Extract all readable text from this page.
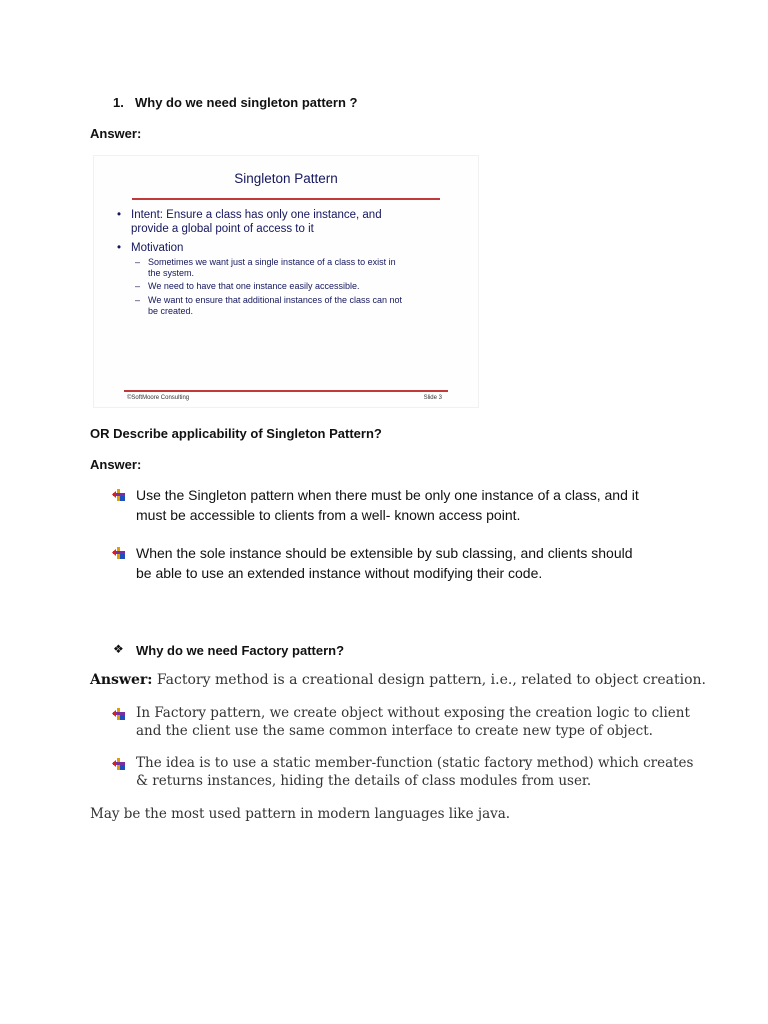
1. Why do we need singleton pattern ?
Answer:
Singleton Pattern
• Intent: Ensure a class has only one instance, and
provide a global point of access to it
• Motivation
– Sometimes we want just a single instance of a class to exist in
the system.
– We need to have that one instance easily accessible.
– We want to ensure that additional instances of the class can not
be created.
©SoftMoore Consulting	Slide 3
OR Describe applicability of Singleton Pattern?
Answer:
Use the Singleton pattern when there must be only one instance of a class, and it
must be accessible to clients from a well- known access point.
When the sole instance should be extensible by sub classing, and clients should
be able to use an extended instance without modifying their code.
❖ Why do we need Factory pattern?
Answer: Factory method is a creational design pattern, i.e., related to object creation.
In Factory pattern, we create object without exposing the creation logic to client
and the client use the same common interface to create new type of object.
The idea is to use a static member-function (static factory method) which creates
& returns instances, hiding the details of class modules from user.
May be the most used pattern in modern languages like java.
